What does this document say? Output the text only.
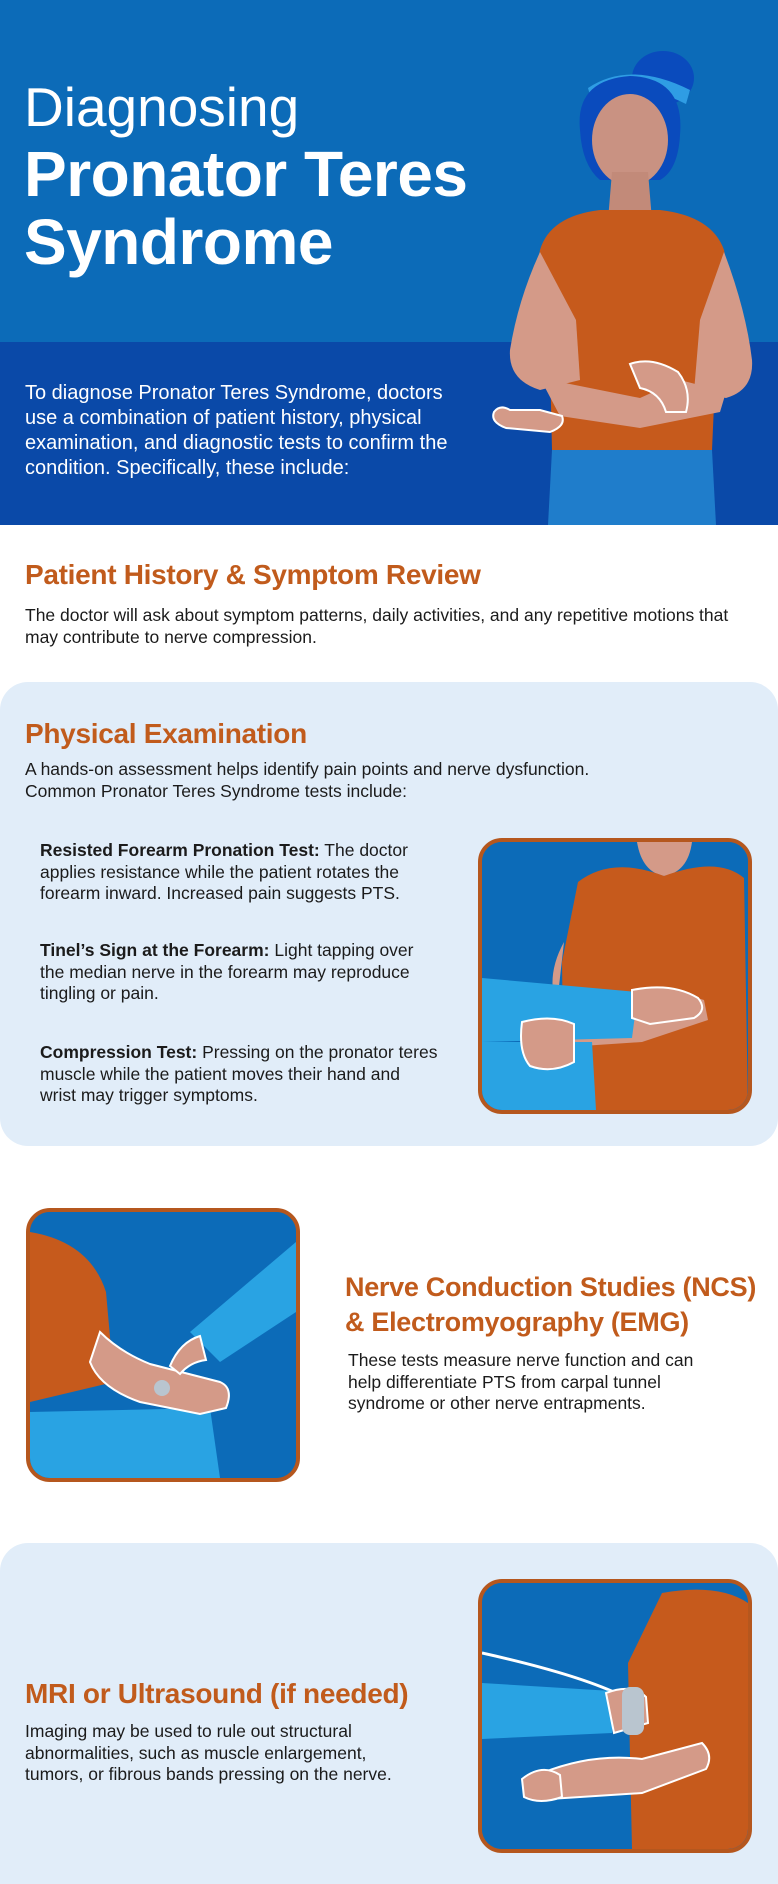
Diagnosing
Pronator Teres
Syndrome

To diagnose Pronator Teres Syndrome, doctors use a combination of patient history, physical examination, and diagnostic tests to confirm the condition. Specifically, these include:

Patient History & Symptom Review

The doctor will ask about symptom patterns, daily activities, and any repetitive motions that may contribute to nerve compression.

Physical Examination

A hands-on assessment helps identify pain points and nerve dysfunction. Common Pronator Teres Syndrome tests include:

Resisted Forearm Pronation Test: The doctor applies resistance while the patient rotates the forearm inward. Increased pain suggests PTS.

Tinel’s Sign at the Forearm: Light tapping over the median nerve in the forearm may reproduce tingling or pain.

Compression Test: Pressing on the pronator teres muscle while the patient moves their hand and wrist may trigger symptoms.

Nerve Conduction Studies (NCS)
& Electromyography (EMG)

These tests measure nerve function and can help differentiate PTS from carpal tunnel syndrome or other nerve entrapments.

MRI or Ultrasound (if needed)

Imaging may be used to rule out structural abnormalities, such as muscle enlargement, tumors, or fibrous bands pressing on the nerve.
